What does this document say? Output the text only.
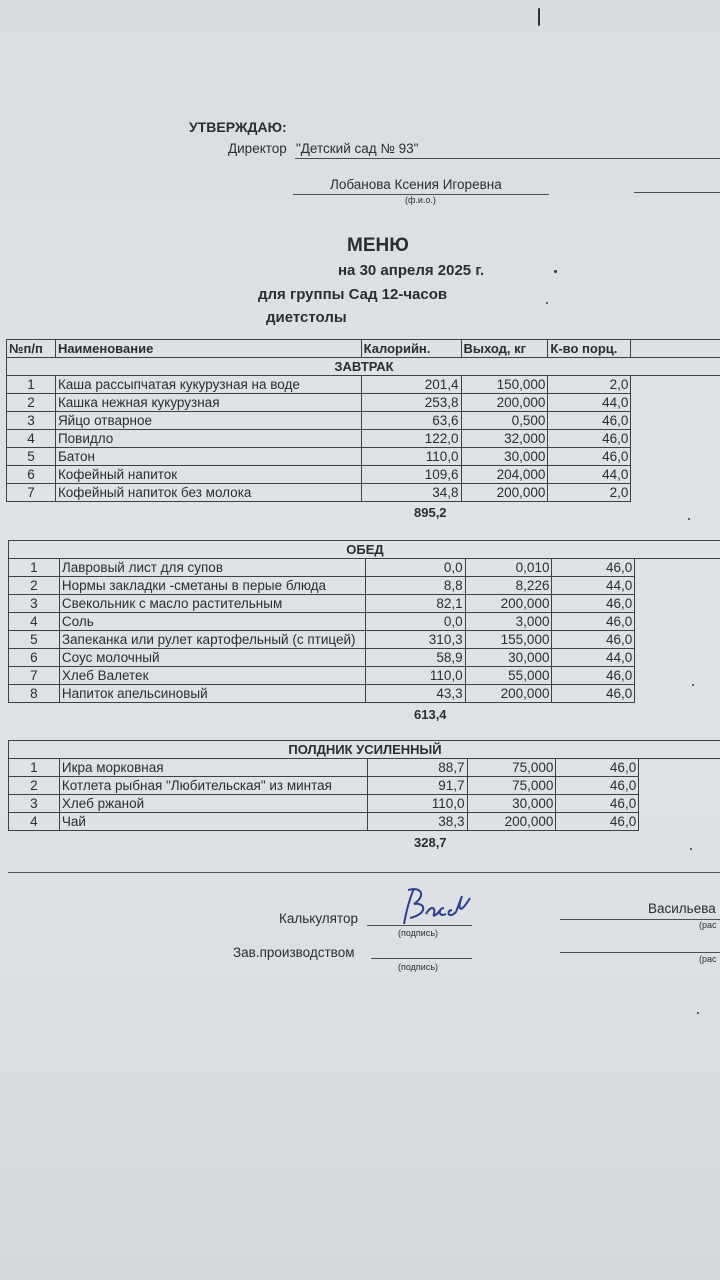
УТВЕРЖДАЮ:
Директор "Детский сад № 93"
Лобанова Ксения Игоревна
(ф.и.о.)
МЕНЮ
на 30 апреля 2025 г.
для группы Сад 12-часов
диетстолы
№п/п	Наименование	Калорийн.	Выход, кг	К-во порц.	
ЗАВТРАК					
1	Каша рассыпчатая кукурузная на воде	201,4	150,000	2,0	
2	Кашка нежная кукурузная	253,8	200,000	44,0	
3	Яйцо отварное	63,6	0,500	46,0	
4	Повидло	122,0	32,000	46,0	
5	Батон	110,0	30,000	46,0	
6	Кофейный напиток	109,6	204,000	44,0	
7	Кофейный напиток без молока	34,8	200,000	2,0	
895,2
ОБЕД					
1	Лавровый лист для супов	0,0	0,010	46,0	
2	Нормы закладки -сметаны в перые блюда	8,8	8,226	44,0	
3	Свекольник с масло растительным	82,1	200,000	46,0	
4	Соль	0,0	3,000	46,0	
5	Запеканка или рулет картофельный (с птицей)	310,3	155,000	46,0	
6	Соус молочный	58,9	30,000	44,0	
7	Хлеб Валетек	110,0	55,000	46,0	
8	Напиток апельсиновый	43,3	200,000	46,0	
613,4
ПОЛДНИК УСИЛЕННЫЙ					
1	Икра морковная	88,7	75,000	46,0	
2	Котлета рыбная "Любительская" из минтая	91,7	75,000	46,0	
3	Хлеб ржаной	110,0	30,000	46,0	
4	Чай	38,3	200,000	46,0	
328,7
Калькулятор
(подпись)
Васильева
(рас
Зав.производством
(подпись)
(рас
